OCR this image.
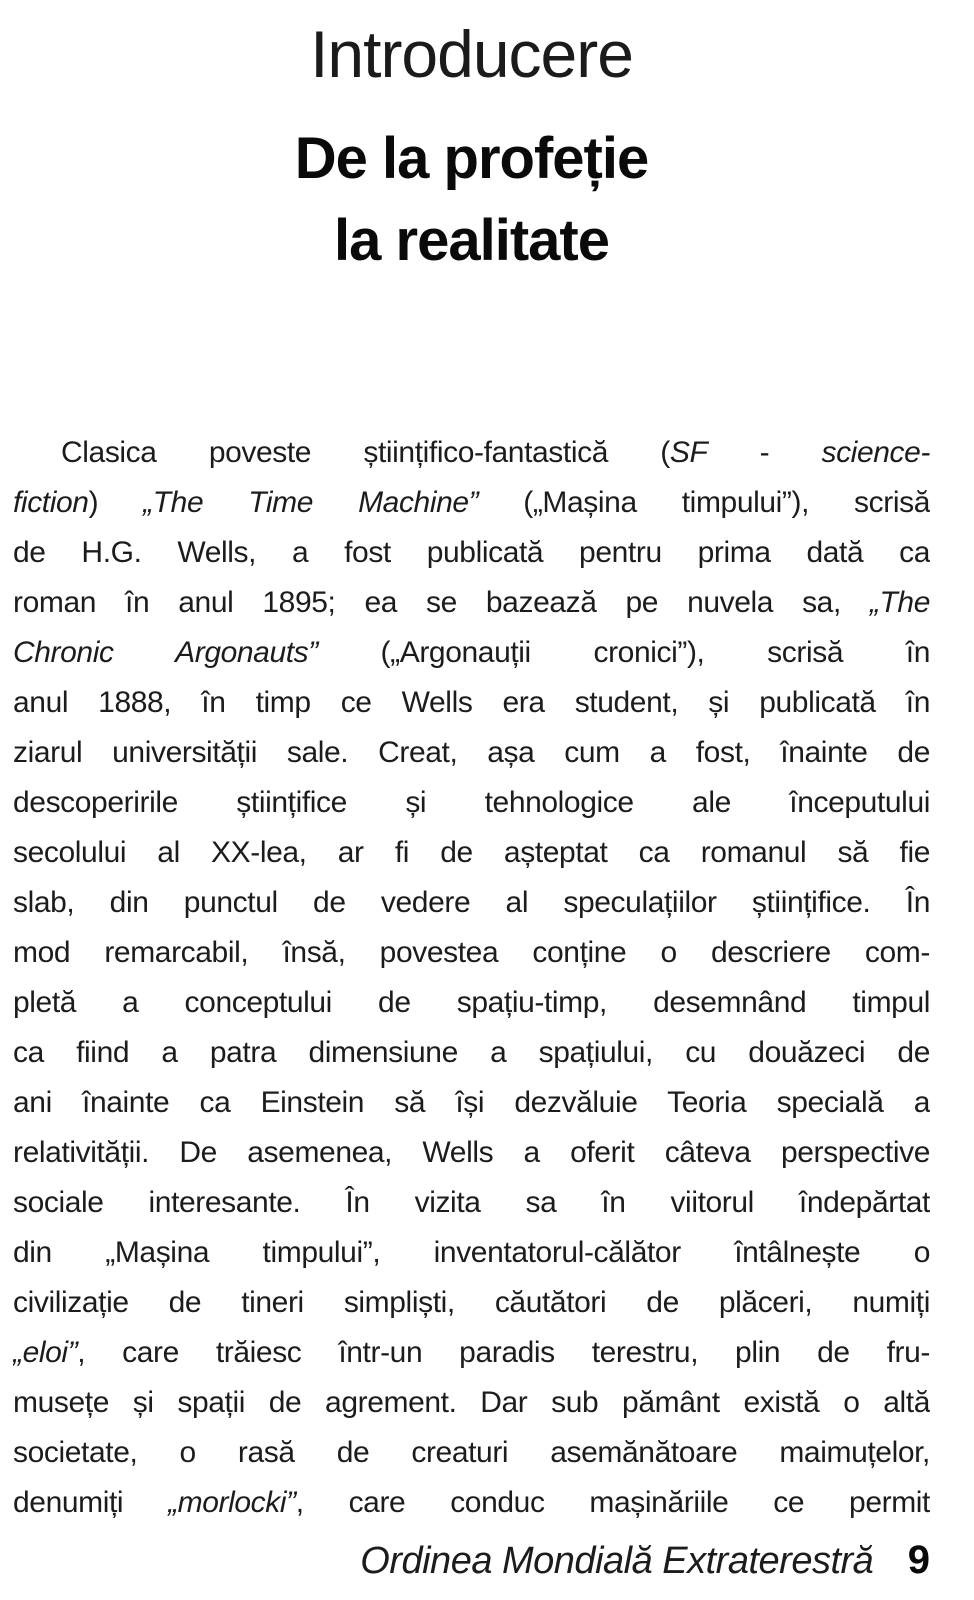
Introducere
De la profeție
la realitate
Clasica poveste științifico-fantastică (SF - science-
fiction) „The Time Machine” („Mașina timpului”), scrisă
de H.G. Wells, a fost publicată pentru prima dată ca
roman în anul 1895; ea se bazează pe nuvela sa, „The
Chronic Argonauts” („Argonauții cronici”), scrisă în
anul 1888, în timp ce Wells era student, și publicată în
ziarul universității sale. Creat, așa cum a fost, înainte de
descoperirile științifice și tehnologice ale începutului
secolului al XX-lea, ar fi de așteptat ca romanul să fie
slab, din punctul de vedere al speculațiilor științifice. În
mod remarcabil, însă, povestea conține o descriere com-
pletă a conceptului de spațiu-timp, desemnând timpul
ca fiind a patra dimensiune a spațiului, cu douăzeci de
ani înainte ca Einstein să își dezvăluie Teoria specială a
relativității. De asemenea, Wells a oferit câteva perspective
sociale interesante. În vizita sa în viitorul îndepărtat
din „Mașina timpului”, inventatorul-călător întâlnește o
civilizație de tineri simpliști, căutători de plăceri, numiți
„eloi”, care trăiesc într-un paradis terestru, plin de fru-
musețe și spații de agrement. Dar sub pământ există o altă
societate, o rasă de creaturi asemănătoare maimuțelor,
denumiți „morlocki”, care conduc mașinăriile ce permit
Ordinea Mondială Extraterestră 9
